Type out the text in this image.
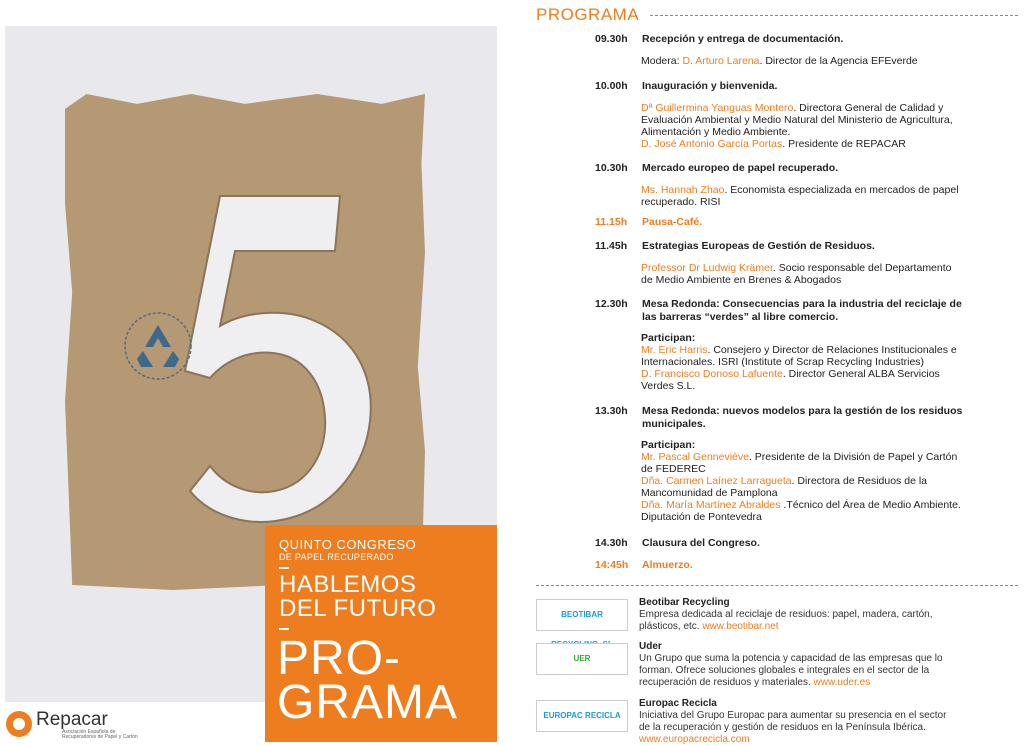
QUINTO CONGRESO
DE PAPEL RECUPERADO
HABLEMOS
DEL FUTURO
PRO-
GRAMA
Repacar
Asociación Española de Recuperadores de Papel y Cartón
PROGRAMA
09.30h Recepción y entrega de documentación.
Modera: D. Arturo Larena. Director de la Agencia EFEverde
10.00h Inauguración y bienvenida.
Dª Guillermina Yanguas Montero. Directora General de Calidad y
Evaluación Ambiental y Medio Natural del Ministerio de Agricultura,
Alimentación y Medio Ambiente.
D. José Antonio García Portas. Presidente de REPACAR
10.30h Mercado europeo de papel recuperado.
Ms. Hannah Zhao. Economista especializada en mercados de papel
recuperado. RISI
11.15h Pausa-Café.
11.45h Estrategias Europeas de Gestión de Residuos.
Professor Dr Ludwig Krämer. Socio responsable del Departamento
de Medio Ambiente en Brenes & Abogados
12.30h Mesa Redonda: Consecuencias para la industria del reciclaje de
las barreras “verdes” al libre comercio.
Participan:
Mr. Eric Harris. Consejero y Director de Relaciones Institucionales e
Internacionales. ISRI (Institute of Scrap Recycling Industries)
D. Francisco Donoso Lafuente. Director General ALBA Servicios
Verdes S.L.
13.30h Mesa Redonda: nuevos modelos para la gestión de los residuos
municipales.
Participan:
Mr. Pascal Genneviève. Presidente de la División de Papel y Cartón
de FEDEREC
Dña. Carmen Laínez Larragueta. Directora de Residuos de la
Mancomunidad de Pamplona
Dña. María Martínez Abraldes .Técnico del Área de Medio Ambiente.
Diputación de Pontevedra
14.30h Clausura del Congreso.
14:45h Almuerzo.
BEOTIBAR
Beotibar Recycling
Empresa dedicada al reciclaje de residuos: papel, madera, cartón,
plásticos, etc. www.beotibar.net
UER
Uder
Un Grupo que suma la potencia y capacidad de las empresas que lo
forman. Ofrece soluciones globales e integrales en el sector de la
recuperación de residuos y materiales. www.uder.es
EUROPAC RECICLA
Europac Recicla
Iniciativa del Grupo Europac para aumentar su presencia en el sector
de la recuperación y gestión de residuos en la Península Ibérica.
www.europacrecicla.com
